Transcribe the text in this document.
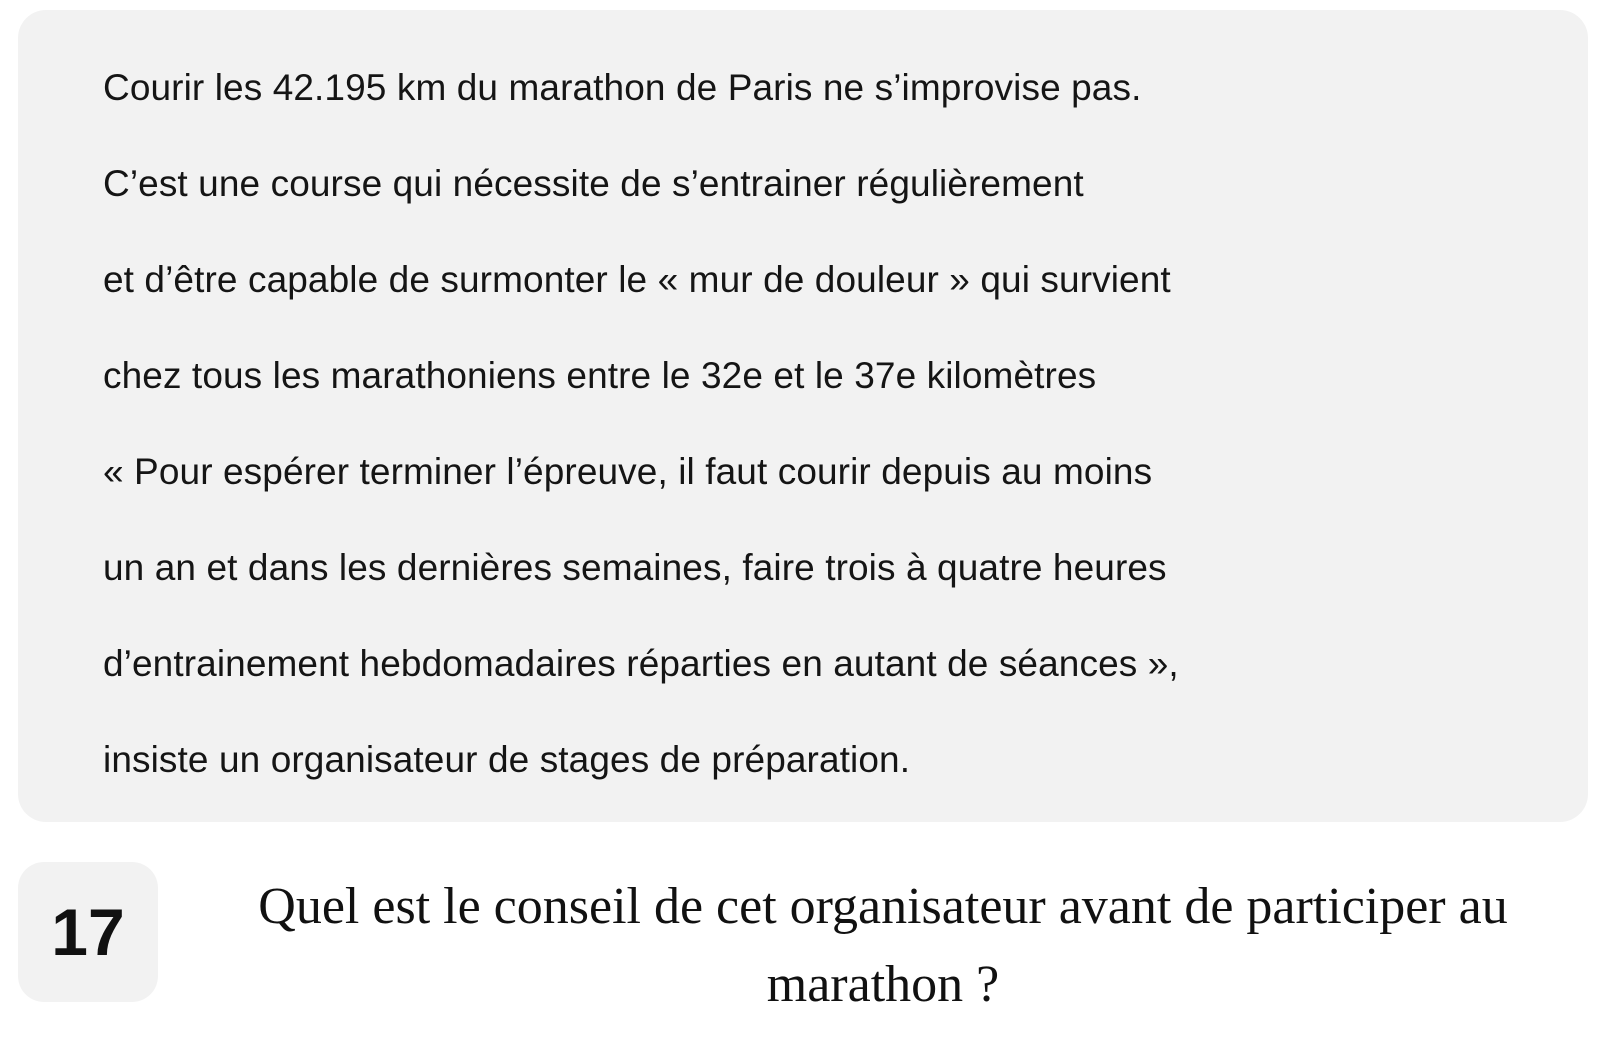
Courir les 42.195 km du marathon de Paris ne s’improvise pas.
C’est une course qui nécessite de s’entrainer régulièrement
et d’être capable de surmonter le « mur de douleur » qui survient
chez tous les marathoniens entre le 32e et le 37e kilomètres
« Pour espérer terminer l’épreuve, il faut courir depuis au moins
un an et dans les dernières semaines, faire trois à quatre heures
d’entrainement hebdomadaires réparties en autant de séances »,
insiste un organisateur de stages de préparation.
17	Quel est le conseil de cet organisateur avant de participer au marathon ?
